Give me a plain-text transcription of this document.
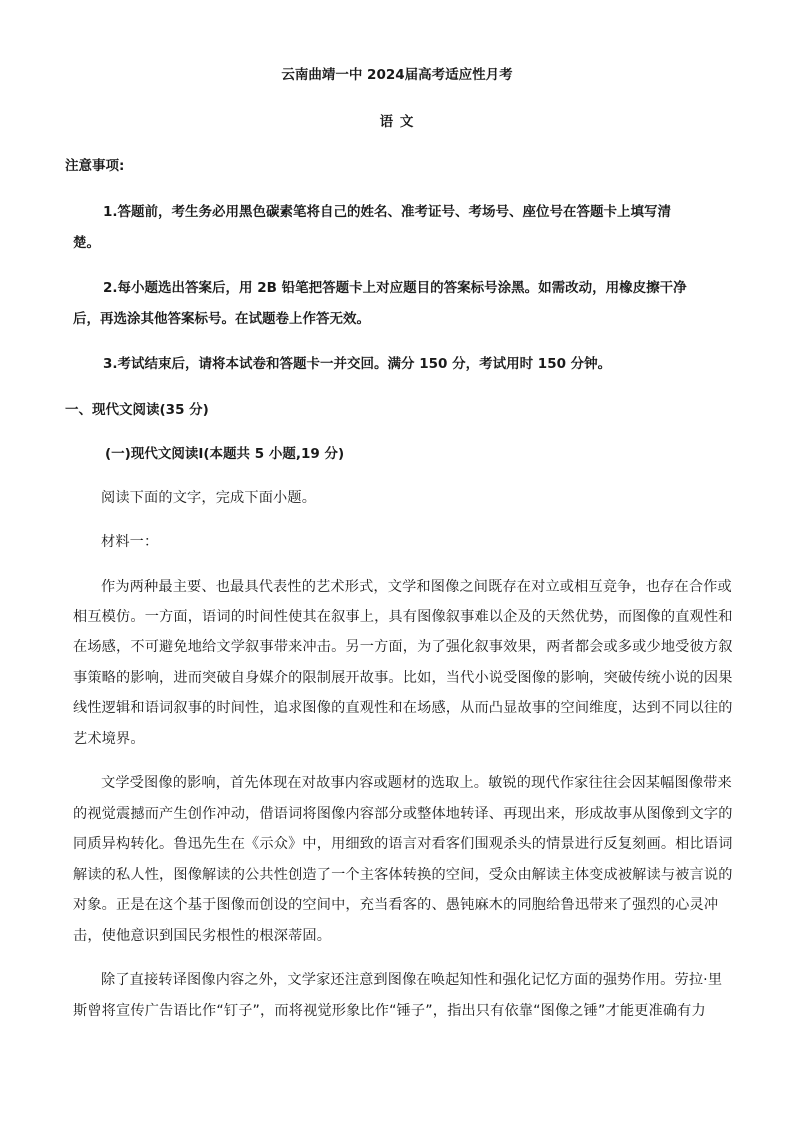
云南曲靖一中 2024届高考适应性月考
语 文
注意事项:
1.答题前，考生务必用黑色碳素笔将自己的姓名、准考证号、考场号、座位号在答题卡上填写清
楚。
2.每小题选出答案后，用 2B 铅笔把答题卡上对应题目的答案标号涂黑。如需改动，用橡皮擦干净
后，再选涂其他答案标号。在试题卷上作答无效。
3.考试结束后，请将本试卷和答题卡一并交回。满分 150 分，考试用时 150 分钟。
一、现代文阅读(35 分)
(一)现代文阅读Ⅰ(本题共 5 小题,19 分)
阅读下面的文字，完成下面小题。
材料一：
作为两种最主要、也最具代表性的艺术形式，文学和图像之间既存在对立或相互竞争，也存在合作或
相互模仿。一方面，语词的时间性使其在叙事上，具有图像叙事难以企及的天然优势，而图像的直观性和
在场感，不可避免地给文学叙事带来冲击。另一方面，为了强化叙事效果，两者都会或多或少地受彼方叙
事策略的影响，进而突破自身媒介的限制展开故事。比如，当代小说受图像的影响，突破传统小说的因果
线性逻辑和语词叙事的时间性，追求图像的直观性和在场感，从而凸显故事的空间维度，达到不同以往的
艺术境界。
文学受图像的影响，首先体现在对故事内容或题材的选取上。敏锐的现代作家往往会因某幅图像带来
的视觉震撼而产生创作冲动，借语词将图像内容部分或整体地转译、再现出来，形成故事从图像到文字的
同质异构转化。鲁迅先生在《示众》中，用细致的语言对看客们围观杀头的情景进行反复刻画。相比语词
解读的私人性，图像解读的公共性创造了一个主客体转换的空间，受众由解读主体变成被解读与被言说的
对象。正是在这个基于图像而创设的空间中，充当看客的、愚钝麻木的同胞给鲁迅带来了强烈的心灵冲
击，使他意识到国民劣根性的根深蒂固。
除了直接转译图像内容之外，文学家还注意到图像在唤起知性和强化记忆方面的强势作用。劳拉·里
斯曾将宣传广告语比作“钉子”，而将视觉形象比作“锤子”，指出只有依靠“图像之锤”才能更准确有力
